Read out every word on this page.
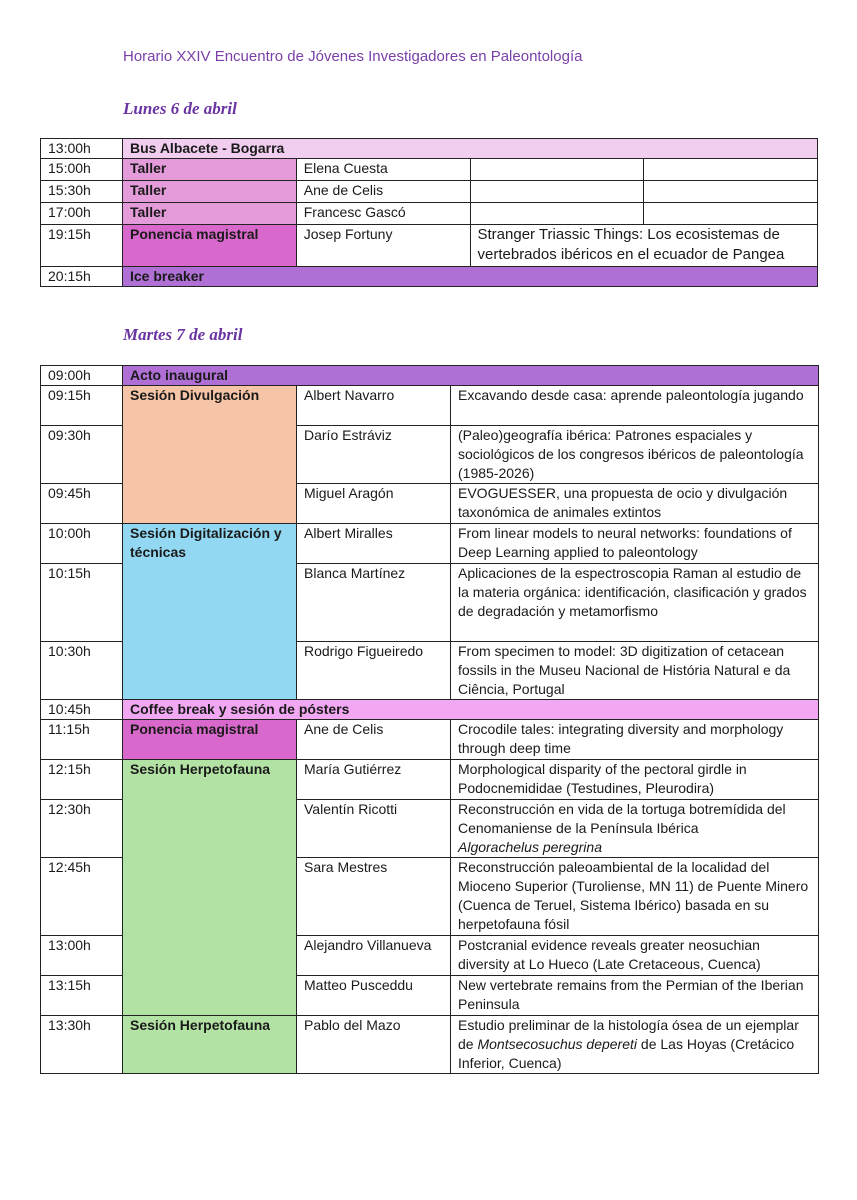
Horario XXIV Encuentro de Jóvenes Investigadores en Paleontología
Lunes 6 de abril
13:00h	Bus Albacete - Bogarra			
15:00h	Taller	Elena Cuesta		
15:30h	Taller	Ane de Celis		
17:00h	Taller	Francesc Gascó		
19:15h	Ponencia magistral	Josep Fortuny	Stranger Triassic Things: Los ecosistemas de vertebrados ibéricos en el ecuador de Pangea	
20:15h	Ice breaker			
Martes 7 de abril
09:00h	Acto inaugural		
09:15h	Sesión Divulgación	Albert Navarro	Excavando desde casa: aprende paleontología jugando
09:30h		Darío Estráviz	(Paleo)geografía ibérica: Patrones espaciales y sociológicos de los congresos ibéricos de paleontología (1985-2026)
09:45h		Miguel Aragón	EVOGUESSER, una propuesta de ocio y divulgación taxonómica de animales extintos
10:00h	Sesión Digitalización y técnicas	Albert Miralles	From linear models to neural networks: foundations of Deep Learning applied to paleontology
10:15h		Blanca Martínez	Aplicaciones de la espectroscopia Raman al estudio de la materia orgánica: identificación, clasificación y grados de degradación y metamorfismo
10:30h		Rodrigo Figueiredo	From specimen to model: 3D digitization of cetacean fossils in the Museu Nacional de História Natural e da Ciência, Portugal
10:45h	Coffee break y sesión de pósters		
11:15h	Ponencia magistral	Ane de Celis	Crocodile tales: integrating diversity and morphology through deep time
12:15h	Sesión Herpetofauna	María Gutiérrez	Morphological disparity of the pectoral girdle in Podocnemididae (Testudines, Pleurodira)
12:30h		Valentín Ricotti	Reconstrucción en vida de la tortuga botremídida del Cenomaniense de la Península Ibérica
Algorachelus peregrina
12:45h		Sara Mestres	Reconstrucción paleoambiental de la localidad del Mioceno Superior (Turoliense, MN 11) de Puente Minero (Cuenca de Teruel, Sistema Ibérico) basada en su herpetofauna fósil
13:00h		Alejandro Villanueva	Postcranial evidence reveals greater neosuchian diversity at Lo Hueco (Late Cretaceous, Cuenca)
13:15h		Matteo Pusceddu	New vertebrate remains from the Permian of the Iberian Peninsula
13:30h	Sesión Herpetofauna	Pablo del Mazo	Estudio preliminar de la histología ósea de un ejemplar de Montsecosuchus depereti de Las Hoyas (Cretácico Inferior, Cuenca)
